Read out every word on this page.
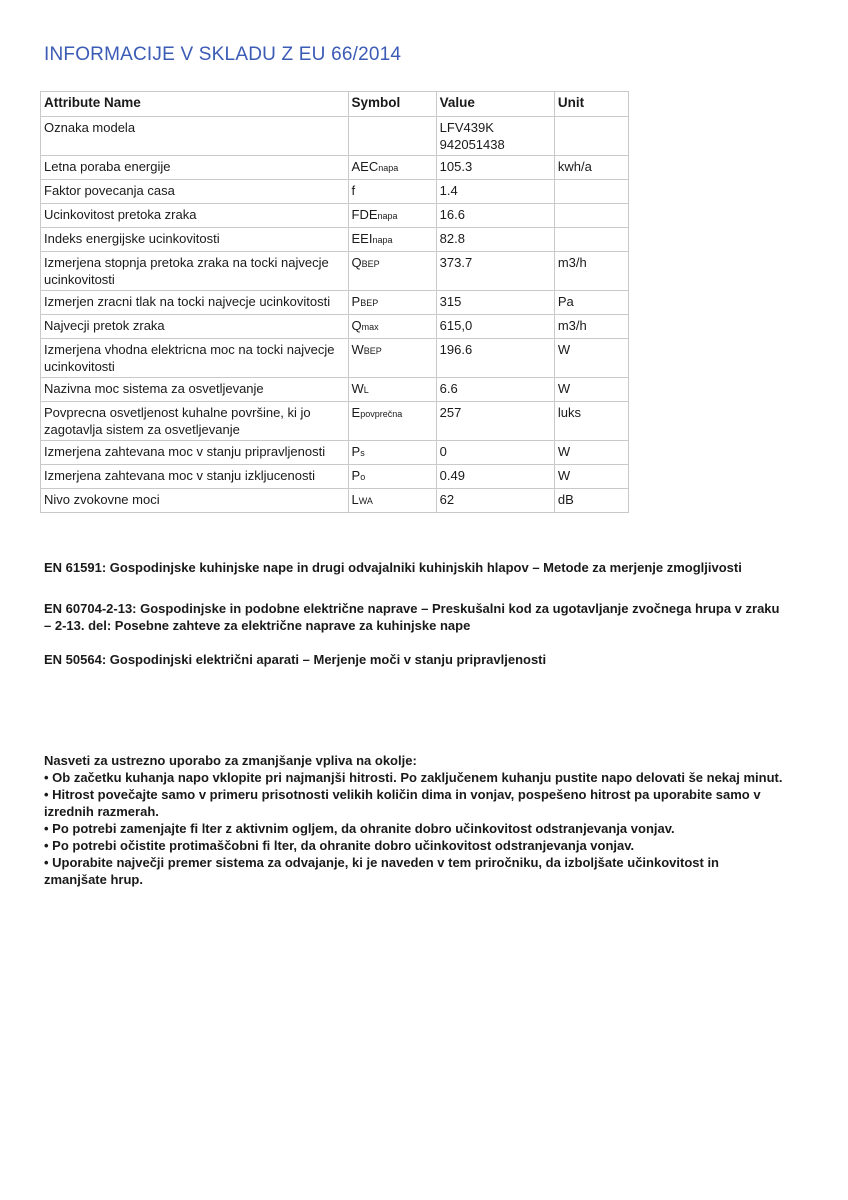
INFORMACIJE V SKLADU Z EU 66/2014
Attribute Name	Symbol	Value	Unit
Oznaka modela		LFV439K
942051438	
Letna poraba energije	AECnapa	105.3	kwh/a
Faktor povecanja casa	f	1.4	
Ucinkovitost pretoka zraka	FDEnapa	16.6	
Indeks energijske ucinkovitosti	EEInapa	82.8	
Izmerjena stopnja pretoka zraka na tocki najvecje ucinkovitosti	QBEP	373.7	m3/h
Izmerjen zracni tlak na tocki najvecje ucinkovitosti	PBEP	315	Pa
Najvecji pretok zraka	Qmax	615,0	m3/h
Izmerjena vhodna elektricna moc na tocki najvecje ucinkovitosti	WBEP	196.6	W
Nazivna moc sistema za osvetljevanje	WL	6.6	W
Povprecna osvetljenost kuhalne površine, ki jo zagotavlja sistem za osvetljevanje	Epovprečna	257	luks
Izmerjena zahtevana moc v stanju pripravljenosti	Ps	0	W
Izmerjena zahtevana moc v stanju izkljucenosti	Po	0.49	W
Nivo zvokovne moci	LWA	62	dB
EN 61591: Gospodinjske kuhinjske nape in drugi odvajalniki kuhinjskih hlapov – Metode za merjenje zmogljivosti
EN 60704-2-13: Gospodinjske in podobne električne naprave – Preskušalni kod za ugotavljanje zvočnega hrupa v zraku – 2-13. del: Posebne zahteve za električne naprave za kuhinjske nape
EN 50564: Gospodinjski električni aparati – Merjenje moči v stanju pripravljenosti

Nasveti za ustrezno uporabo za zmanjšanje vpliva na okolje:

• Ob začetku kuhanja napo vklopite pri najmanjši hitrosti. Po zaključenem kuhanju pustite napo delovati še nekaj minut.

• Hitrost povečajte samo v primeru prisotnosti velikih količin dima in vonjav, pospešeno hitrost pa uporabite samo v izrednih razmerah.

• Po potrebi zamenjajte fi lter z aktivnim ogljem, da ohranite dobro učinkovitost odstranjevanja vonjav.

• Po potrebi očistite protimaščobni fi lter, da ohranite dobro učinkovitost odstranjevanja vonjav.

• Uporabite največji premer sistema za odvajanje, ki je naveden v tem priročniku, da izboljšate učinkovitost in zmanjšate hrup.
